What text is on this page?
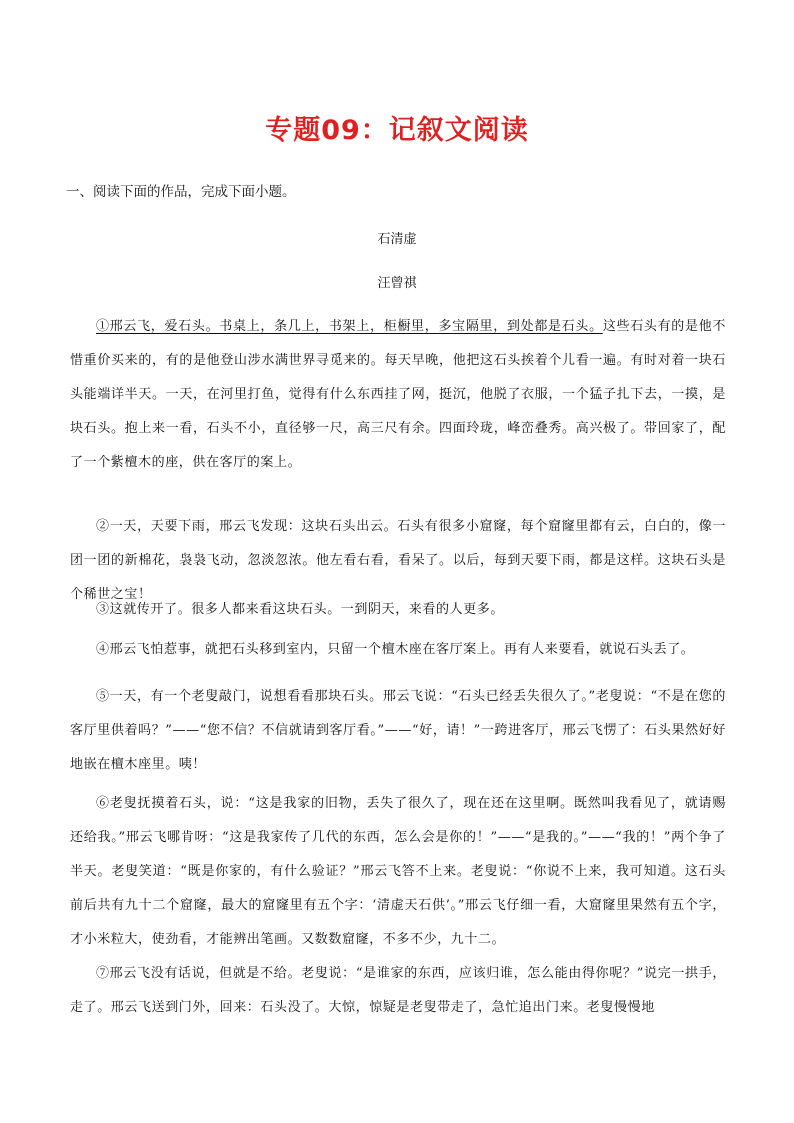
专题09：记叙文阅读

一、阅读下面的作品，完成下面小题。

石清虚

汪曾祺

①邢云飞，爱石头。书桌上，条几上，书架上，柜橱里，多宝隔里，到处都是石头。这些石头有的是他不惜重价买来的，有的是他登山涉水满世界寻觅来的。每天早晚，他把这石头挨着个儿看一遍。有时对着一块石头能端详半天。一天，在河里打鱼，觉得有什么东西挂了网，挺沉，他脱了衣服，一个猛子扎下去，一摸，是块石头。抱上来一看，石头不小，直径够一尺，高三尺有余。四面玲珑，峰峦叠秀。高兴极了。带回家了，配了一个紫檀木的座，供在客厅的案上。

②一天，天要下雨，邢云飞发现：这块石头出云。石头有很多小窟窿，每个窟窿里都有云，白白的，像一团一团的新棉花，袅袅飞动，忽淡忽浓。他左看右看，看呆了。以后，每到天要下雨，都是这样。这块石头是个稀世之宝！

③这就传开了。很多人都来看这块石头。一到阴天，来看的人更多。

④邢云飞怕惹事，就把石头移到室内，只留一个檀木座在客厅案上。再有人来要看，就说石头丢了。

⑤一天，有一个老叟敲门，说想看看那块石头。邢云飞说：“石头已经丢失很久了。”老叟说：“不是在您的客厅里供着吗？”——“您不信？不信就请到客厅看。”——“好，请！”一跨进客厅，邢云飞愣了：石头果然好好地嵌在檀木座里。咦！

⑥老叟抚摸着石头，说：“这是我家的旧物，丢失了很久了，现在还在这里啊。既然叫我看见了，就请赐还给我。”邢云飞哪肯呀：“这是我家传了几代的东西，怎么会是你的！”——“是我的。”——“我的！”两个争了半天。老叟笑道：“既是你家的，有什么验证？”邢云飞答不上来。老叟说：“你说不上来，我可知道。这石头前后共有九十二个窟窿，最大的窟窿里有五个字：‘清虚天石供’。”邢云飞仔细一看，大窟窿里果然有五个字，才小米粒大，使劲看，才能辨出笔画。又数数窟窿，不多不少，九十二。

⑦邢云飞没有话说，但就是不给。老叟说：“是谁家的东西，应该归谁，怎么能由得你呢？”说完一拱手，走了。邢云飞送到门外，回来：石头没了。大惊，惊疑是老叟带走了，急忙追出门来。老叟慢慢地
